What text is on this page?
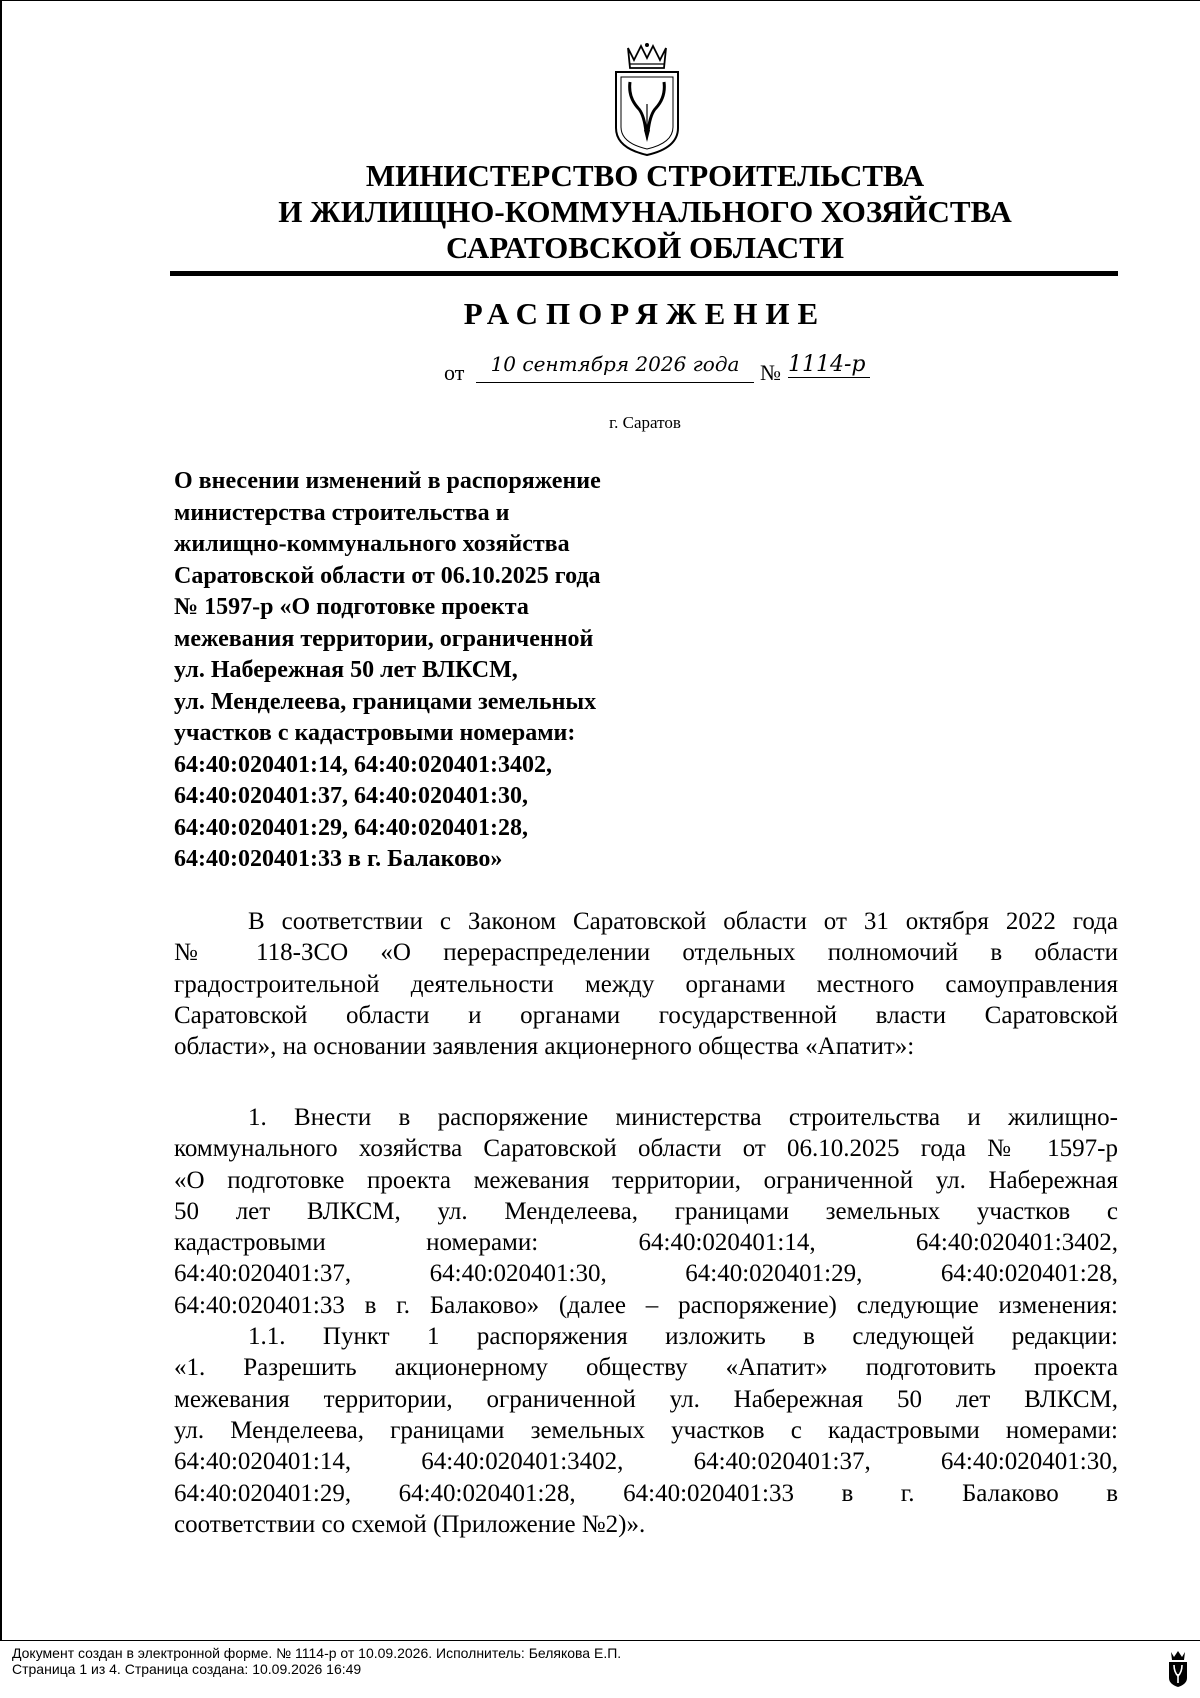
МИНИСТЕРСТВО СТРОИТЕЛЬСТВА
И ЖИЛИЩНО-КОММУНАЛЬНОГО ХОЗЯЙСТВА
САРАТОВСКОЙ ОБЛАСТИ
РАСПОРЯЖЕНИЕ
от	10 сентября 2026 года № 1114-р
г. Саратов
О внесении изменений в распоряжение
министерства строительства и
жилищно-коммунального хозяйства
Саратовской области от 06.10.2025 года
№ 1597-р «О подготовке проекта
межевания территории, ограниченной
ул. Набережная 50 лет ВЛКСМ,
ул. Менделеева, границами земельных
участков с кадастровыми номерами:
64:40:020401:14, 64:40:020401:3402,
64:40:020401:37, 64:40:020401:30,
64:40:020401:29, 64:40:020401:28,
64:40:020401:33 в г. Балаково»
В соответствии с Законом Саратовской области от 31 октября 2022 года
№ 118-ЗСО «О перераспределении отдельных полномочий в области
градостроительной деятельности между органами местного самоуправления
Саратовской области и органами государственной власти Саратовской
области», на основании заявления акционерного общества «Апатит»:
1. Внести в распоряжение министерства строительства и жилищно-
коммунального хозяйства Саратовской области от 06.10.2025 года № 1597-р
«О подготовке проекта межевания территории, ограниченной ул. Набережная
50 лет ВЛКСМ, ул. Менделеева, границами земельных участков с
кадастровыми номерами: 64:40:020401:14, 64:40:020401:3402,
64:40:020401:37, 64:40:020401:30, 64:40:020401:29, 64:40:020401:28,
64:40:020401:33 в г. Балаково» (далее – распоряжение) следующие изменения:
1.1. Пункт 1 распоряжения изложить в следующей редакции:
«1. Разрешить акционерному обществу «Апатит» подготовить проекта
межевания территории, ограниченной ул. Набережная 50 лет ВЛКСМ,
ул. Менделеева, границами земельных участков с кадастровыми номерами:
64:40:020401:14, 64:40:020401:3402, 64:40:020401:37, 64:40:020401:30,
64:40:020401:29, 64:40:020401:28, 64:40:020401:33 в г. Балаково в
соответствии со схемой (Приложение №2)».
Документ создан в электронной форме. № 1114-р от 10.09.2026. Исполнитель: Белякова Е.П.
Страница 1 из 4. Страница создана: 10.09.2026 16:49
